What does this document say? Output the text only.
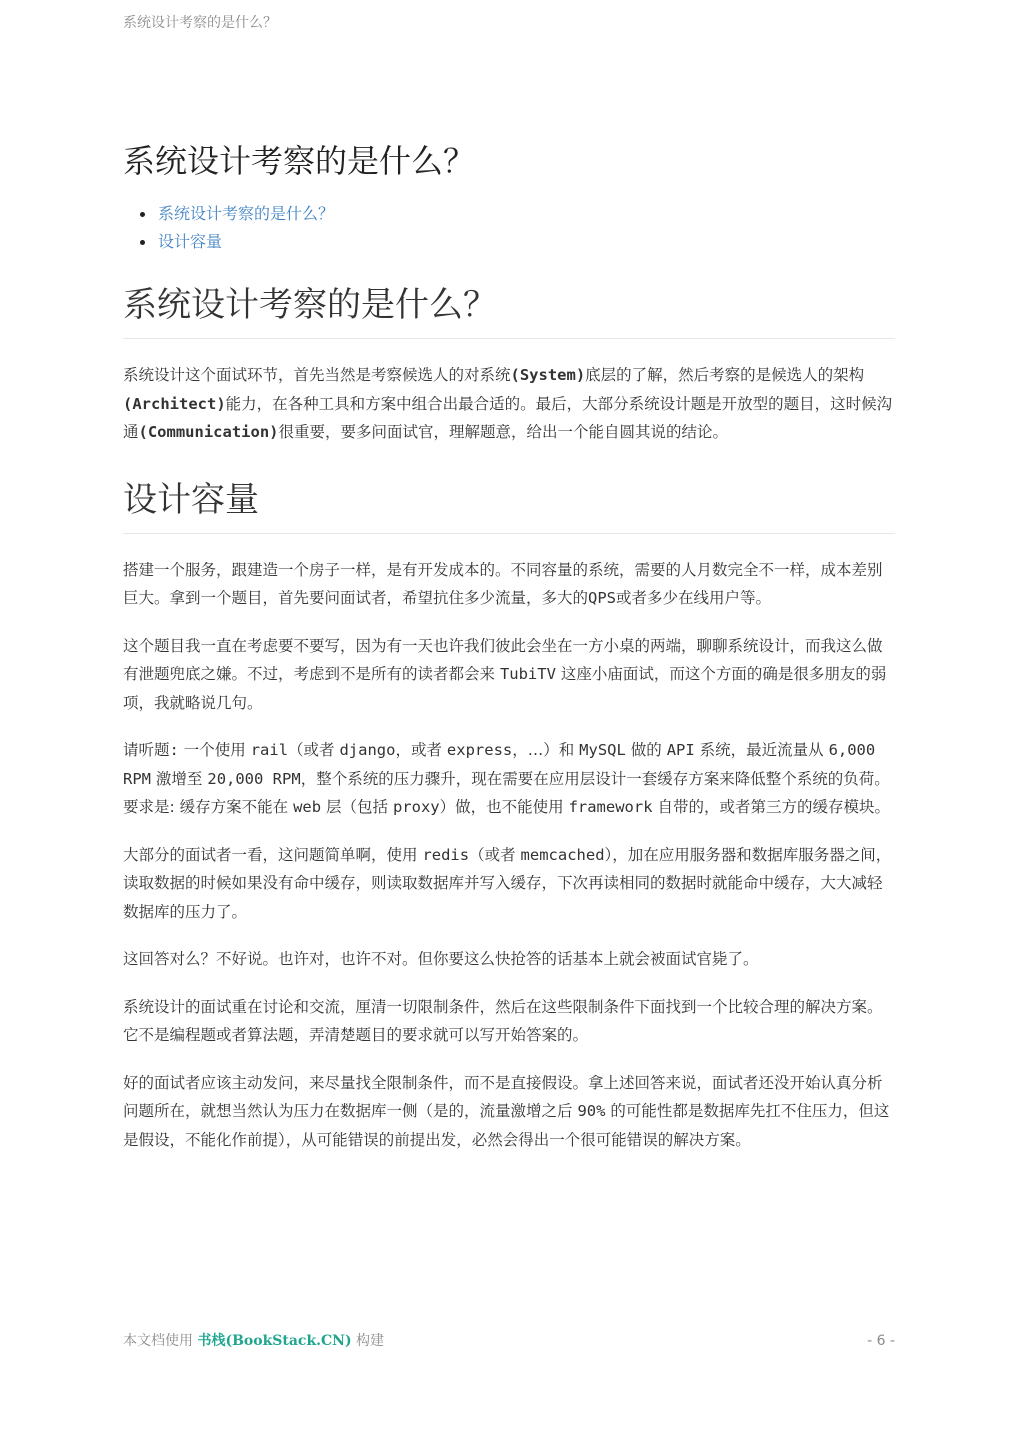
系统设计考察的是什么？
系统设计考察的是什么？
系统设计考察的是什么？
设计容量
系统设计考察的是什么？

系统设计这个面试环节，首先当然是考察候选人的对系统(System)底层的了解，然后考察的是候选人的架构(Architect)能力，在各种工具和方案中组合出最合适的。最后，大部分系统设计题是开放型的题目，这时候沟通(Communication)很重要，要多问面试官，理解题意，给出一个能自圆其说的结论。

设计容量

搭建一个服务，跟建造一个房子一样，是有开发成本的。不同容量的系统，需要的人月数完全不一样，成本差别巨大。拿到一个题目，首先要问面试者，希望抗住多少流量，多大的QPS或者多少在线用户等。

这个题目我一直在考虑要不要写，因为有一天也许我们彼此会坐在一方小桌的两端，聊聊系统设计，而我这么做有泄题兜底之嫌。不过，考虑到不是所有的读者都会来 TubiTV 这座小庙面试，而这个方面的确是很多朋友的弱项，我就略说几句。

请听题: 一个使用 rail（或者 django，或者 express，…）和 MySQL 做的 API 系统，最近流量从 6,000 RPM 激增至 20,000 RPM，整个系统的压力骤升，现在需要在应用层设计一套缓存方案来降低整个系统的负荷。要求是: 缓存方案不能在 web 层（包括 proxy）做，也不能使用 framework 自带的，或者第三方的缓存模块。

大部分的面试者一看，这问题简单啊，使用 redis（或者 memcached），加在应用服务器和数据库服务器之间，读取数据的时候如果没有命中缓存，则读取数据库并写入缓存，下次再读相同的数据时就能命中缓存，大大减轻数据库的压力了。

这回答对么？不好说。也许对，也许不对。但你要这么快抢答的话基本上就会被面试官毙了。

系统设计的面试重在讨论和交流，厘清一切限制条件，然后在这些限制条件下面找到一个比较合理的解决方案。它不是编程题或者算法题，弄清楚题目的要求就可以写开始答案的。

好的面试者应该主动发问，来尽量找全限制条件，而不是直接假设。拿上述回答来说，面试者还没开始认真分析问题所在，就想当然认为压力在数据库一侧（是的，流量激增之后 90% 的可能性都是数据库先扛不住压力，但这是假设，不能化作前提），从可能错误的前提出发，必然会得出一个很可能错误的解决方案。

本文档使用 书栈(BookStack.CN) 构建	- 6 -
